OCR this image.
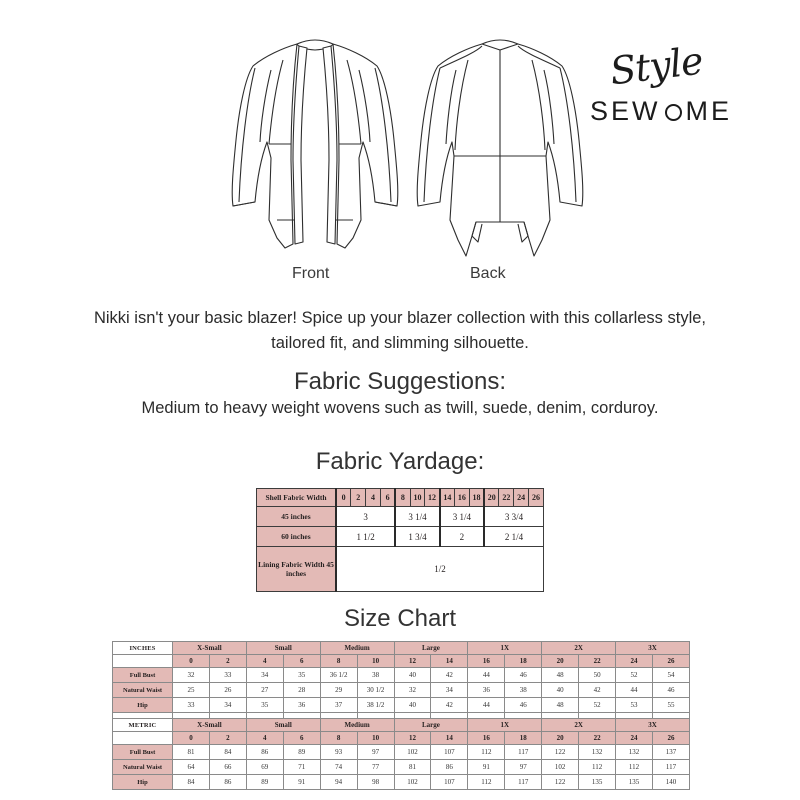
Style
SEW ME
Front	Back
Nikki isn't your basic blazer! Spice up your blazer collection with this collarless style, tailored fit, and slimming silhouette.
Fabric Suggestions:
Medium to heavy weight wovens such as twill, suede, denim, corduroy.
Fabric Yardage:
Shell Fabric Width	0	2	4	6	8	10	12	14	16	18	20	22	24	26
45 inches	3				3 1/4			3 1/4			3 3/4			
60 inches	1 1/2				1 3/4			2			2 1/4			
Lining Fabric Width 45 inches	1/2													
Size Chart
INCHES	X-Small		Small		Medium		Large		1X		2X		3X	
	0	2	4	6	8	10	12	14	16	18	20	22	24	26
Full Bust	32	33	34	35	36 1/2	38	40	42	44	46	48	50	52	54
Natural Waist	25	26	27	28	29	30 1/2	32	34	36	38	40	42	44	46
Hip	33	34	35	36	37	38 1/2	40	42	44	46	48	52	53	55

METRIC	X-Small		Small		Medium		Large		1X		2X		3X	
	0	2	4	6	8	10	12	14	16	18	20	22	24	26
Full Bust	81	84	86	89	93	97	102	107	112	117	122	132	132	137
Natural Waist	64	66	69	71	74	77	81	86	91	97	102	112	112	117
Hip	84	86	89	91	94	98	102	107	112	117	122	135	135	140
